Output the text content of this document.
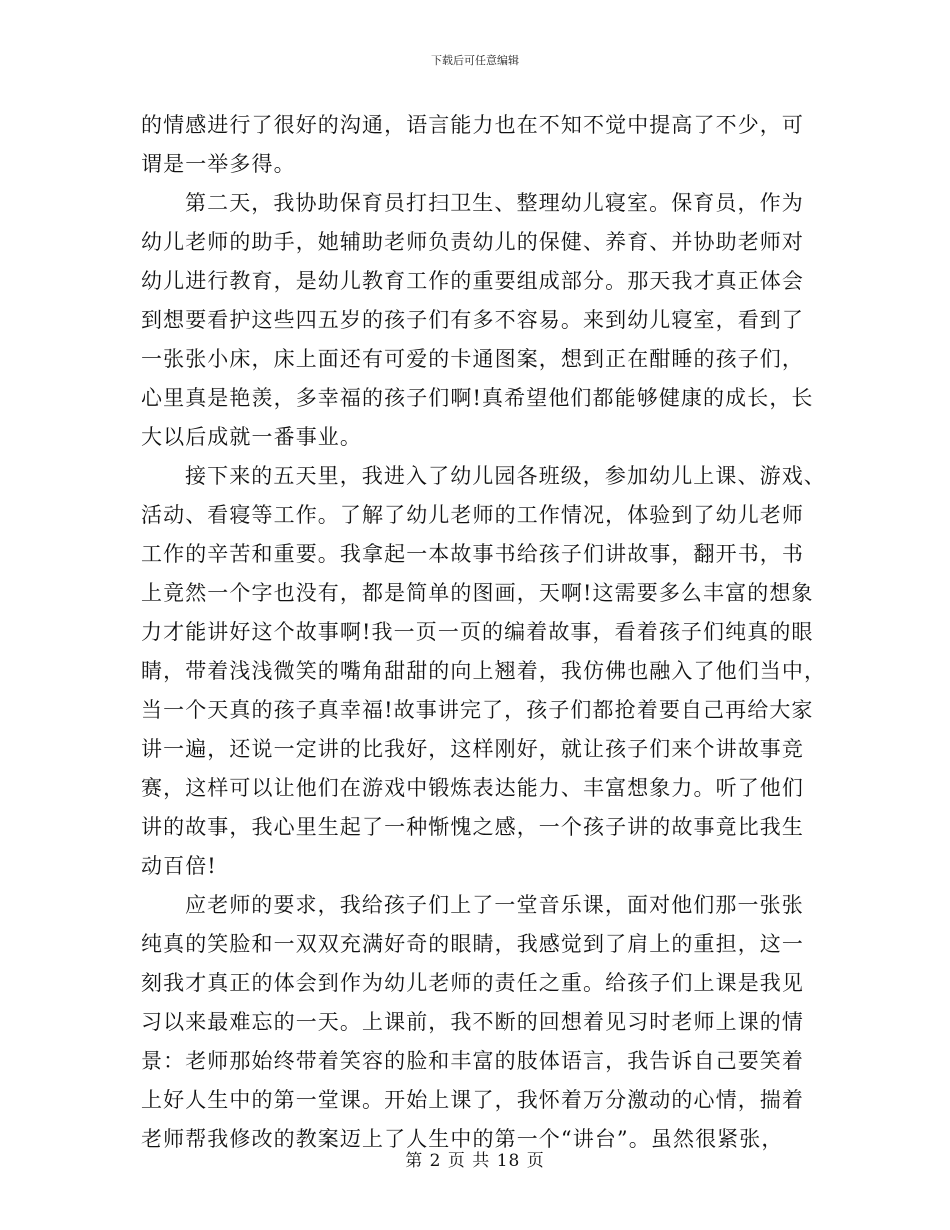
下载后可任意编辑
的情感进行了很好的沟通，语言能力也在不知不觉中提高了不少，可
谓是一举多得。
第二天，我协助保育员打扫卫生、整理幼儿寝室。保育员，作为
幼儿老师的助手，她辅助老师负责幼儿的保健、养育、并协助老师对
幼儿进行教育，是幼儿教育工作的重要组成部分。那天我才真正体会
到想要看护这些四五岁的孩子们有多不容易。来到幼儿寝室，看到了
一张张小床，床上面还有可爱的卡通图案，想到正在酣睡的孩子们，
心里真是艳羡，多幸福的孩子们啊!真希望他们都能够健康的成长，长
大以后成就一番事业。
接下来的五天里，我进入了幼儿园各班级，参加幼儿上课、游戏、
活动、看寝等工作。了解了幼儿老师的工作情况，体验到了幼儿老师
工作的辛苦和重要。我拿起一本故事书给孩子们讲故事，翻开书，书
上竟然一个字也没有，都是简单的图画，天啊!这需要多么丰富的想象
力才能讲好这个故事啊!我一页一页的编着故事，看着孩子们纯真的眼
睛，带着浅浅微笑的嘴角甜甜的向上翘着，我仿佛也融入了他们当中，
当一个天真的孩子真幸福!故事讲完了，孩子们都抢着要自己再给大家
讲一遍，还说一定讲的比我好，这样刚好，就让孩子们来个讲故事竞
赛，这样可以让他们在游戏中锻炼表达能力、丰富想象力。听了他们
讲的故事，我心里生起了一种惭愧之感，一个孩子讲的故事竟比我生
动百倍!
应老师的要求，我给孩子们上了一堂音乐课，面对他们那一张张
纯真的笑脸和一双双充满好奇的眼睛，我感觉到了肩上的重担，这一
刻我才真正的体会到作为幼儿老师的责任之重。给孩子们上课是我见
习以来最难忘的一天。上课前，我不断的回想着见习时老师上课的情
景：老师那始终带着笑容的脸和丰富的肢体语言，我告诉自己要笑着
上好人生中的第一堂课。开始上课了，我怀着万分激动的心情，揣着
老师帮我修改的教案迈上了人生中的第一个“讲台”。虽然很紧张，
第 2 页 共 18 页
